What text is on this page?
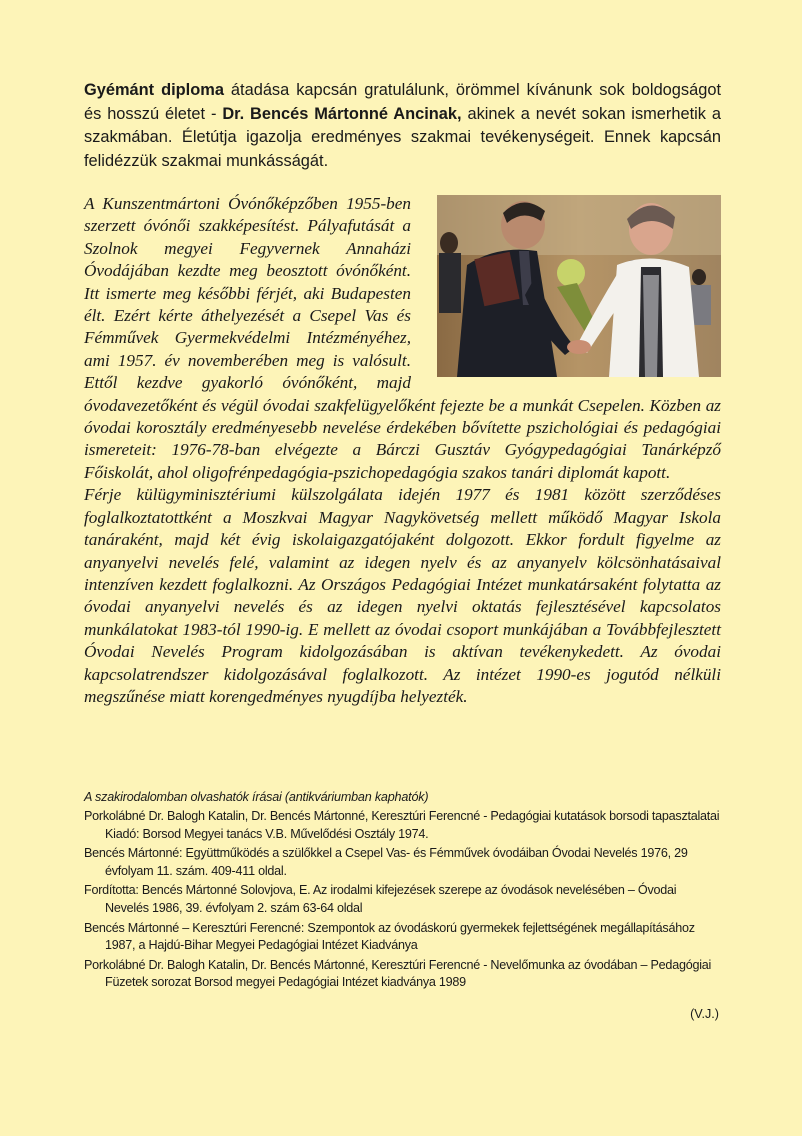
Gyémánt diploma átadása kapcsán gratulálunk, örömmel kívánunk sok boldogságot és hosszú életet - Dr. Bencés Mártonné Ancinak, akinek a nevét sokan ismerhetik a szakmában. Életútja igazolja eredményes szakmai tevékenységeit. Ennek kapcsán felidézzük szakmai munkásságát.

A Kunszentmártoni Óvónőképzőben 1955-ben szerzett óvónői szakképesítést. Pályafutását a Szolnok megyei Fegyvernek Annaházi Óvodájában kezdte meg beosztott óvónőként. Itt ismerte meg későbbi férjét, aki Budapesten élt. Ezért kérte áthelyezését a Csepel Vas és Fémművek Gyermekvédelmi Intézményéhez, ami 1957. év novemberében meg is valósult. Ettől kezdve gyakorló óvónőként, majd óvodavezetőként és végül óvodai szakfelügyelőként fejezte be a munkát Csepelen. Közben az óvodai korosztály eredményesebb nevelése érdekében bővítette pszichológiai és pedagógiai ismereteit: 1976-78-ban elvégezte a Bárczi Gusztáv Gyógypedagógiai Tanárképző Főiskolát, ahol oligofrénpedagógia-pszichopedagógia szakos tanári diplomát kapott.

Férje külügyminisztériumi külszolgálata idején 1977 és 1981 között szerződéses foglalkoztatottként a Moszkvai Magyar Nagykövetség mellett működő Magyar Iskola tanáraként, majd két évig iskolaigazgatójaként dolgozott. Ekkor fordult figyelme az anyanyelvi nevelés felé, valamint az idegen nyelv és az anyanyelv kölcsönhatásaival intenzíven kezdett foglalkozni. Az Országos Pedagógiai Intézet munkatársaként folytatta az óvodai anyanyelvi nevelés és az idegen nyelvi oktatás fejlesztésével kapcsolatos munkálatokat 1983-tól 1990-ig. E mellett az óvodai csoport munkájában a Továbbfejlesztett Óvodai Nevelés Program kidolgozásában is aktívan tevékenykedett. Az óvodai kapcsolatrendszer kidolgozásával foglalkozott. Az intézet 1990-es jogutód nélküli megszűnése miatt korengedményes nyugdíjba helyezték.

A szakirodalomban olvashatók írásai (antikváriumban kaphatók)

Porkolábné Dr. Balogh Katalin, Dr. Bencés Mártonné, Keresztúri Ferencné - Pedagógiai kutatások borsodi tapasztalatai Kiadó: Borsod Megyei tanács V.B. Művelődési Osztály 1974.
Bencés Mártonné: Együttműködés a szülőkkel a Csepel Vas- és Fémművek óvodáiban Óvodai Nevelés 1976, 29 évfolyam 11. szám. 409-411 oldal.
Fordította: Bencés Mártonné Solovjova, E. Az irodalmi kifejezések szerepe az óvodások nevelésében – Óvodai Nevelés 1986, 39. évfolyam 2. szám 63-64 oldal
Bencés Mártonné – Keresztúri Ferencné: Szempontok az óvodáskorú gyermekek fejlettségének megállapításához 1987, a Hajdú-Bihar Megyei Pedagógiai Intézet Kiadványa
Porkolábné Dr. Balogh Katalin, Dr. Bencés Mártonné, Keresztúri Ferencné - Nevelőmunka az óvodában – Pedagógiai Füzetek sorozat Borsod megyei Pedagógiai Intézet kiadványa 1989
(V.J.)
